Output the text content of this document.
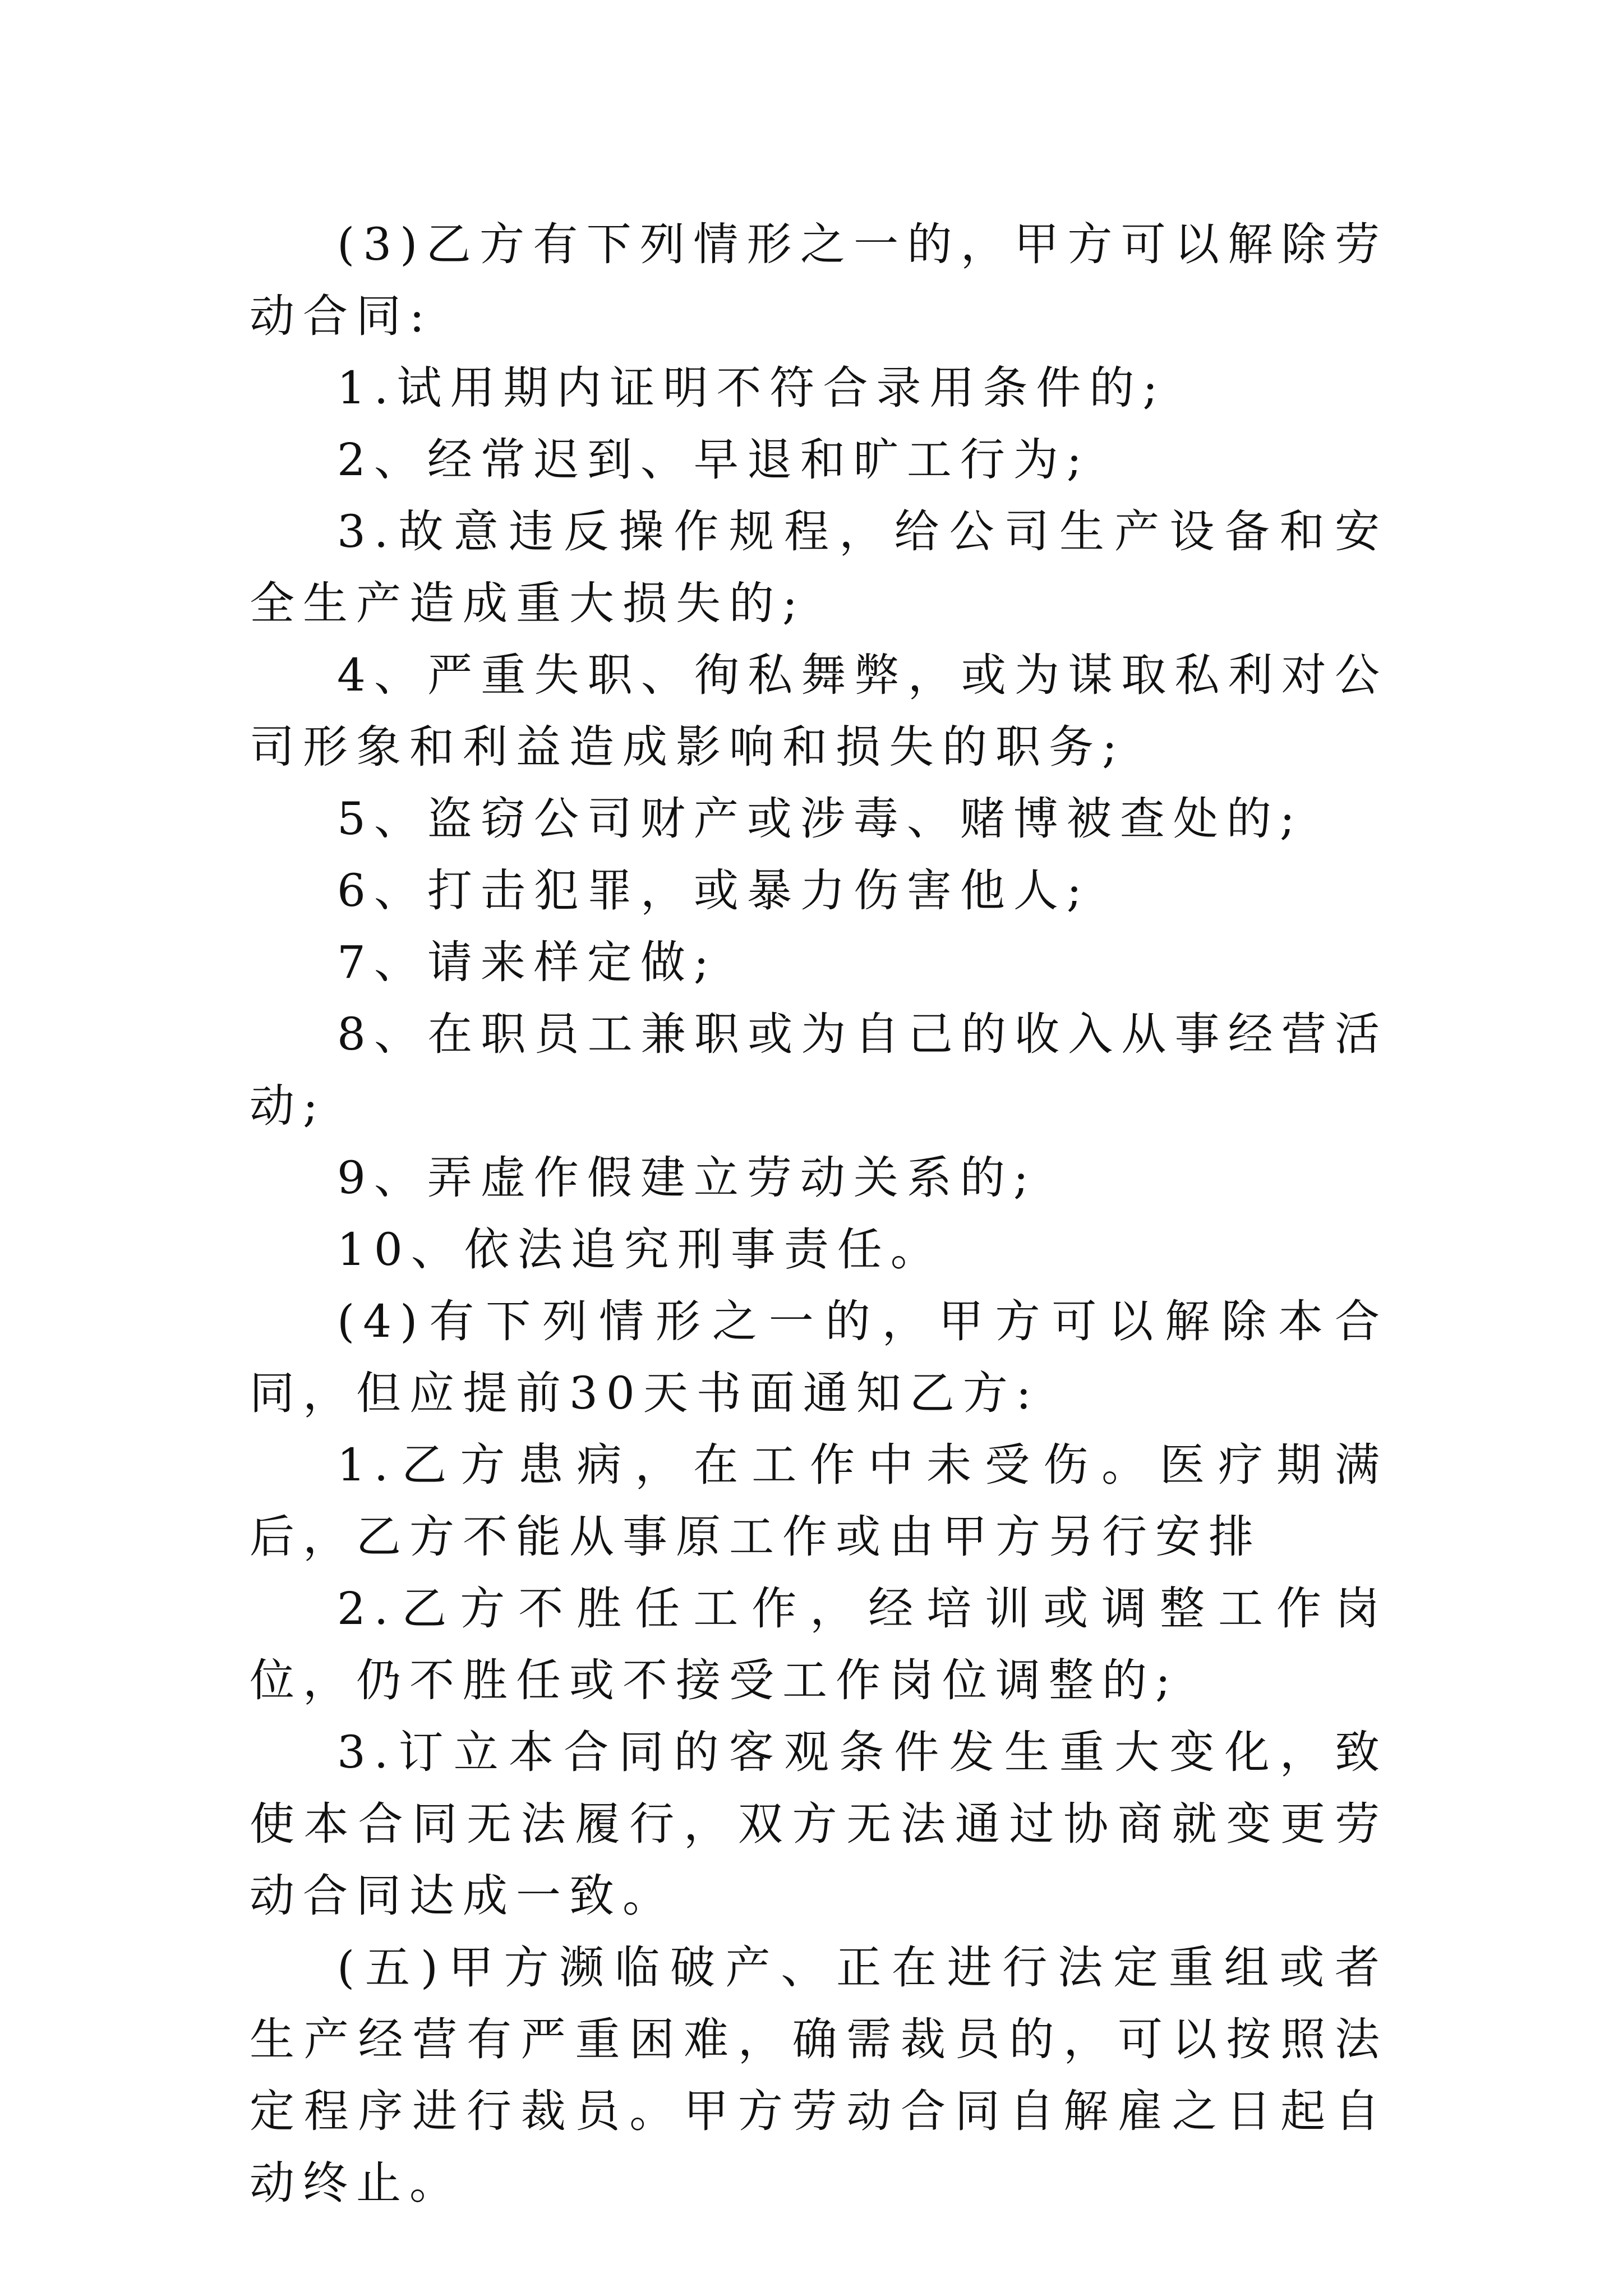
(3)乙方有下列情形之一的，甲方可以解除劳动合同:

1.试用期内证明不符合录用条件的;

2、经常迟到、早退和旷工行为;

3.故意违反操作规程，给公司生产设备和安全生产造成重大损失的;

4、严重失职、徇私舞弊，或为谋取私利对公司形象和利益造成影响和损失的职务;

5、盗窃公司财产或涉毒、赌博被查处的;

6、打击犯罪，或暴力伤害他人;

7、请来样定做;

8、在职员工兼职或为自己的收入从事经营活动;

9、弄虚作假建立劳动关系的;

10、依法追究刑事责任。

(4)有下列情形之一的，甲方可以解除本合同，但应提前30天书面通知乙方:

1.乙方患病，在工作中未受伤。医疗期满后，乙方不能从事原工作或由甲方另行安排

2.乙方不胜任工作，经培训或调整工作岗位，仍不胜任或不接受工作岗位调整的;

3.订立本合同的客观条件发生重大变化，致使本合同无法履行，双方无法通过协商就变更劳动合同达成一致。

(五)甲方濒临破产、正在进行法定重组或者生产经营有严重困难，确需裁员的，可以按照法定程序进行裁员。甲方劳动合同自解雇之日起自动终止。
